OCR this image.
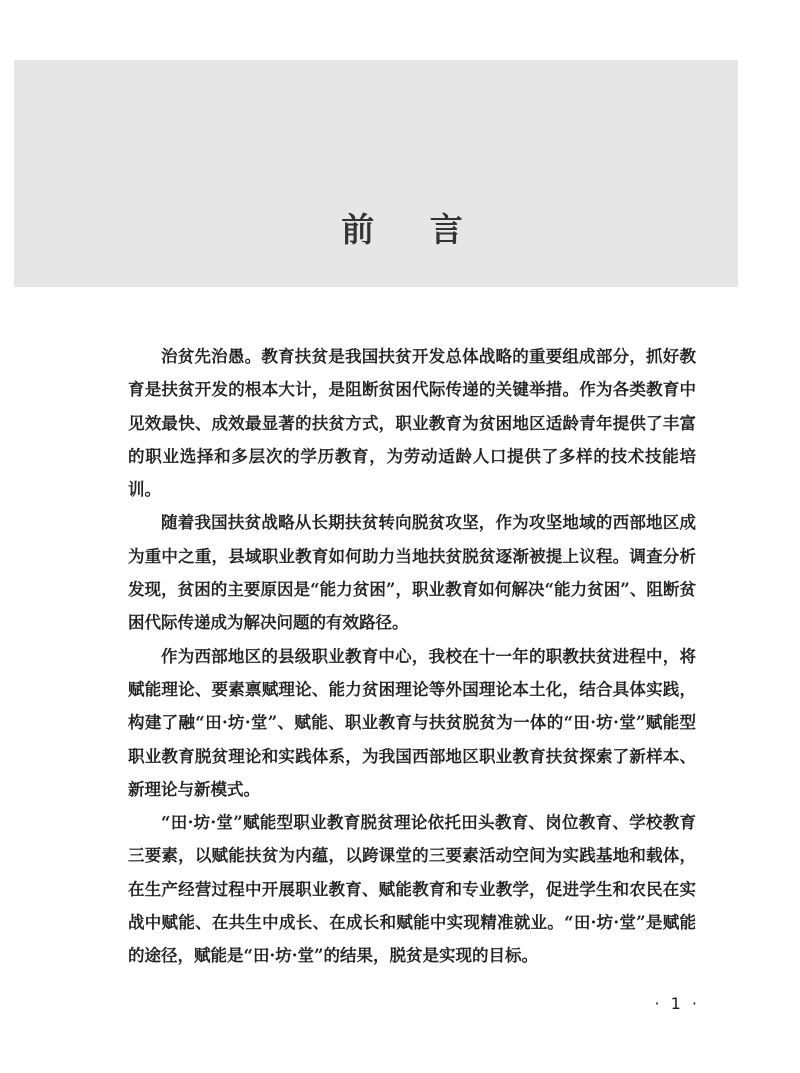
前 言

治贫先治愚。教育扶贫是我国扶贫开发总体战略的重要组成部分，抓好教育是扶贫开发的根本大计，是阻断贫困代际传递的关键举措。作为各类教育中见效最快、成效最显著的扶贫方式，职业教育为贫困地区适龄青年提供了丰富的职业选择和多层次的学历教育，为劳动适龄人口提供了多样的技术技能培训。

随着我国扶贫战略从长期扶贫转向脱贫攻坚，作为攻坚地域的西部地区成为重中之重，县域职业教育如何助力当地扶贫脱贫逐渐被提上议程。调查分析发现，贫困的主要原因是“能力贫困”，职业教育如何解决“能力贫困”、阻断贫困代际传递成为解决问题的有效路径。

作为西部地区的县级职业教育中心，我校在十一年的职教扶贫进程中，将赋能理论、要素禀赋理论、能力贫困理论等外国理论本土化，结合具体实践，构建了融“田·坊·堂”、赋能、职业教育与扶贫脱贫为一体的“田·坊·堂”赋能型职业教育脱贫理论和实践体系，为我国西部地区职业教育扶贫探索了新样本、新理论与新模式。

“田·坊·堂”赋能型职业教育脱贫理论依托田头教育、岗位教育、学校教育三要素，以赋能扶贫为内蕴，以跨课堂的三要素活动空间为实践基地和载体，在生产经营过程中开展职业教育、赋能教育和专业教学，促进学生和农民在实战中赋能、在共生中成长、在成长和赋能中实现精准就业。“田·坊·堂”是赋能的途径，赋能是“田·坊·堂”的结果，脱贫是实现的目标。

· 1 ·
